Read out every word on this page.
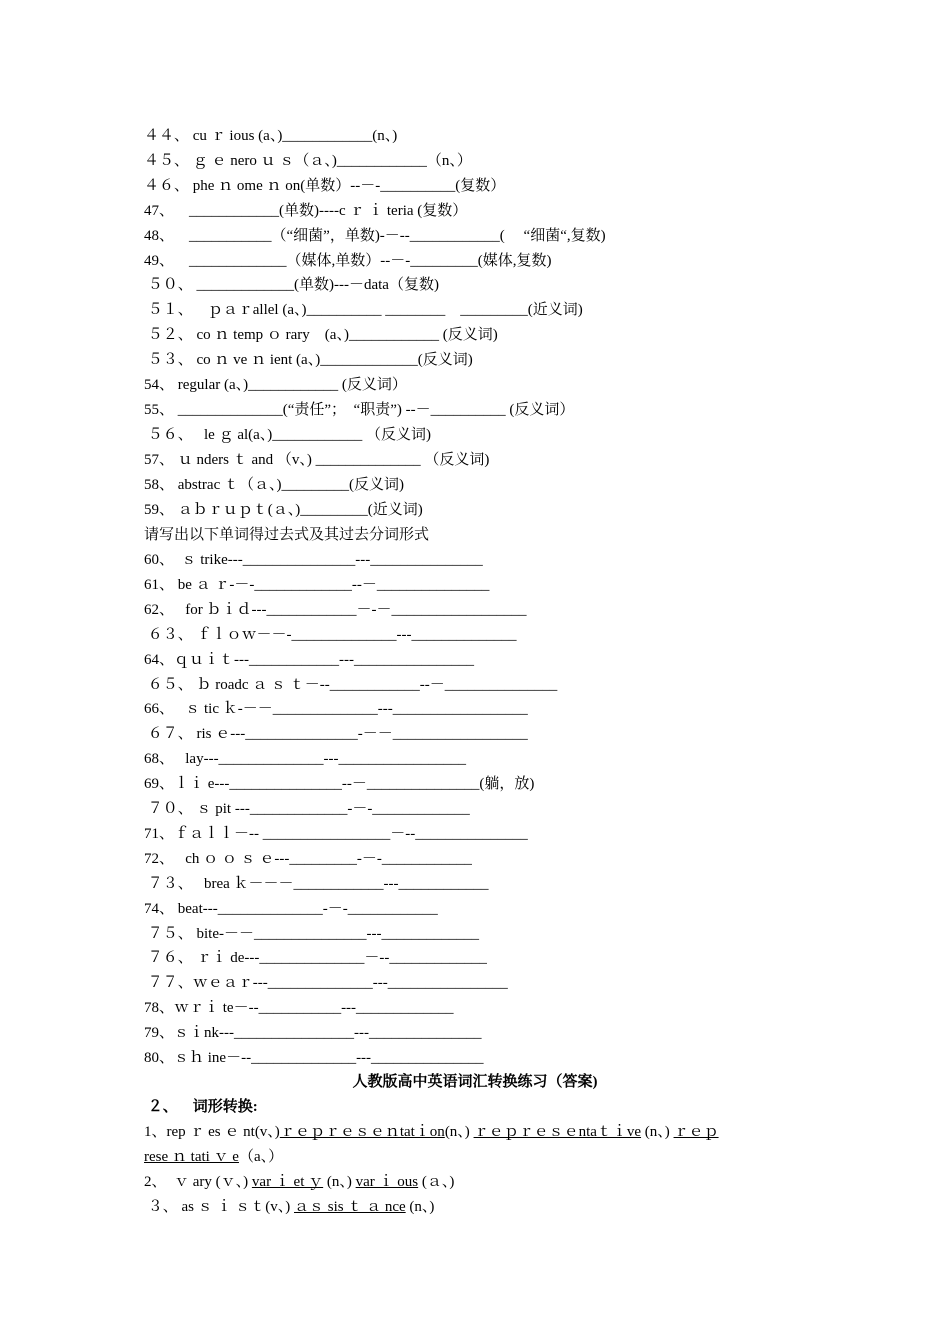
４４、 cu ｒ ious (a、)____________(n、)
４５、 ｇ ｅ nero ｕ ｓ（ａ、)____________（n、）
４６、 phe ｎ ome ｎ on(单数）--－-__________(复数）
47、    ____________(单数)----c ｒ ｉ teria (复数）
48、    ___________（“细菌”，单数)-－--____________(     “细菌“,复数)
49、    _____________（媒体,单数）--－-_________(媒体,复数)
５０、 _____________(单数)---－data（复数)
５１、    ｐａｒallel (a、)__________ ________    _________(近义词)
５２、 co ｎ temp ｏ rary    (a、)____________ (反义词)
５３、 co ｎ ve ｎ ient (a、)_____________(反义词)
54、 regular (a、)____________ (反义词）
55、 ______________(“责任”；  “职责”) --－__________ (反义词）
５６、   le ｇ al(a、)____________ （反义词)
57、 ｕ nders ｔ and （v、) ______________ （反义词)
58、 abstrac ｔ（ａ、)_________(反义词)
59、 ａｂｒｕｐｔ(ａ、)_________(近义词)
请写出以下单词得过去式及其过去分词形式
60、  ｓ trike---_______________---_______________
61、 be ａ ｒ-－-_____________--－_______________
62、   for ｂｉｄ---____________－-－__________________
６３、 ｆｌｏｗ－－-______________---______________
64、ｑｕｉｔ---____________---________________
６５、 ｂ roadc ａ ｓ ｔ－--____________--－_______________
66、   ｓ tic ｋ-－－______________---__________________
６７、 ris ｅ---_______________-－－__________________
68、   lay---______________---_________________
69、ｌｉ e---_______________--－_______________(躺，放)
７０、 ｓ pit ---_____________-－-_____________
71、ｆａｌｌ－-- _________________－--_______________
72、   ch ｏ ｏ ｓ ｅ---_________-－-____________
７３、   brea ｋ－－－____________---____________
74、 beat---______________-－-____________
７５、 bite-－－_______________---_____________
７６、 ｒｉ de---______________－--_____________
７７、ｗｅａｒ---______________---________________
78、ｗｒｉ te－--___________---_____________
79、ｓｉnk---________________---_______________
80、ｓｈ ine－--______________---_______________
人教版高中英语词汇转换练习（答案)
２、 词形转换:
1、rep ｒ es ｅ nt(v、)ｒｅｐｒｅｓｅｎtatｉon(n、) ｒｅｐｒｅｓｅntaｔｉve (n、) ｒｅｐ
rese ｎ tati ｖ e（a、）
2、  ｖ ary (ｖ、) var ｉ et ｙ (n、) var ｉ ous (ａ、)
３、 as ｓ ｉ ｓｔ(v、) ａｓ sis ｔ ａ nce (n、)
